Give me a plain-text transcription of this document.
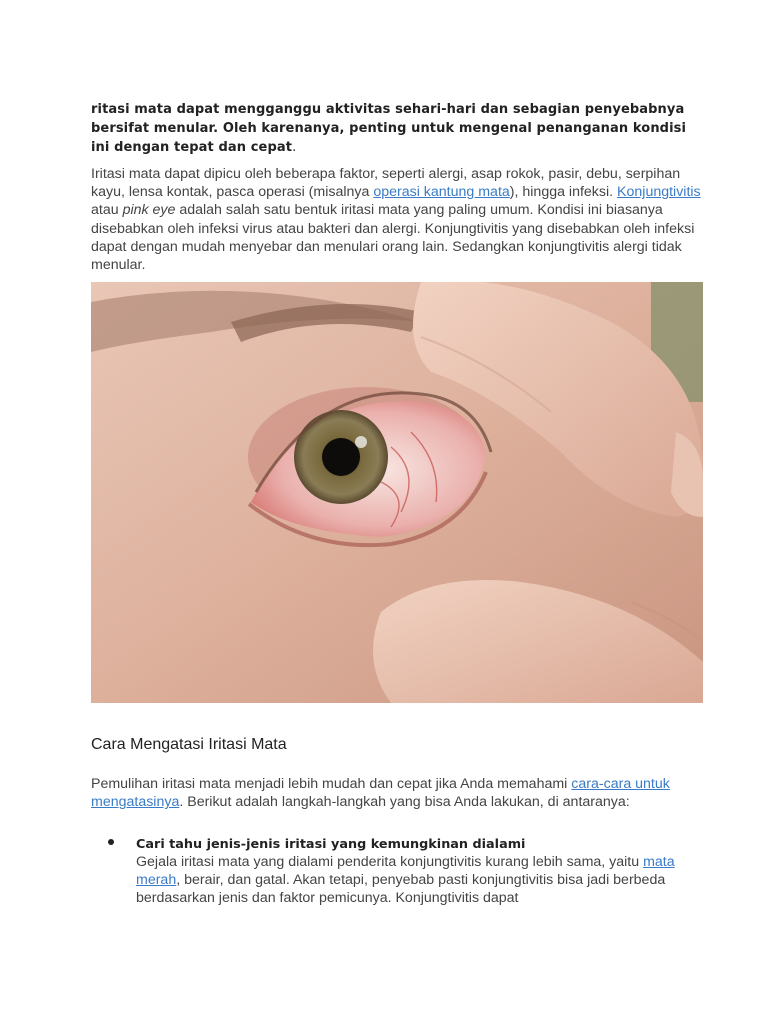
ritasi mata dapat mengganggu aktivitas sehari-hari dan sebagian penyebabnya bersifat menular. Oleh karenanya, penting untuk mengenal penanganan kondisi ini dengan tepat dan cepat.

Iritasi mata dapat dipicu oleh beberapa faktor, seperti alergi, asap rokok, pasir, debu, serpihan kayu, lensa kontak, pasca operasi (misalnya operasi kantung mata), hingga infeksi. Konjungtivitis atau pink eye adalah salah satu bentuk iritasi mata yang paling umum. Kondisi ini biasanya disebabkan oleh infeksi virus atau bakteri dan alergi. Konjungtivitis yang disebabkan oleh infeksi dapat dengan mudah menyebar dan menulari orang lain. Sedangkan konjungtivitis alergi tidak menular.

Cara Mengatasi Iritasi Mata

Pemulihan iritasi mata menjadi lebih mudah dan cepat jika Anda memahami cara-cara untuk mengatasinya. Berikut adalah langkah-langkah yang bisa Anda lakukan, di antaranya:

Cari tahu jenis-jenis iritasi yang kemungkinan dialami

Gejala iritasi mata yang dialami penderita konjungtivitis kurang lebih sama, yaitu mata merah, berair, dan gatal. Akan tetapi, penyebab pasti konjungtivitis bisa jadi berbeda berdasarkan jenis dan faktor pemicunya. Konjungtivitis dapat
